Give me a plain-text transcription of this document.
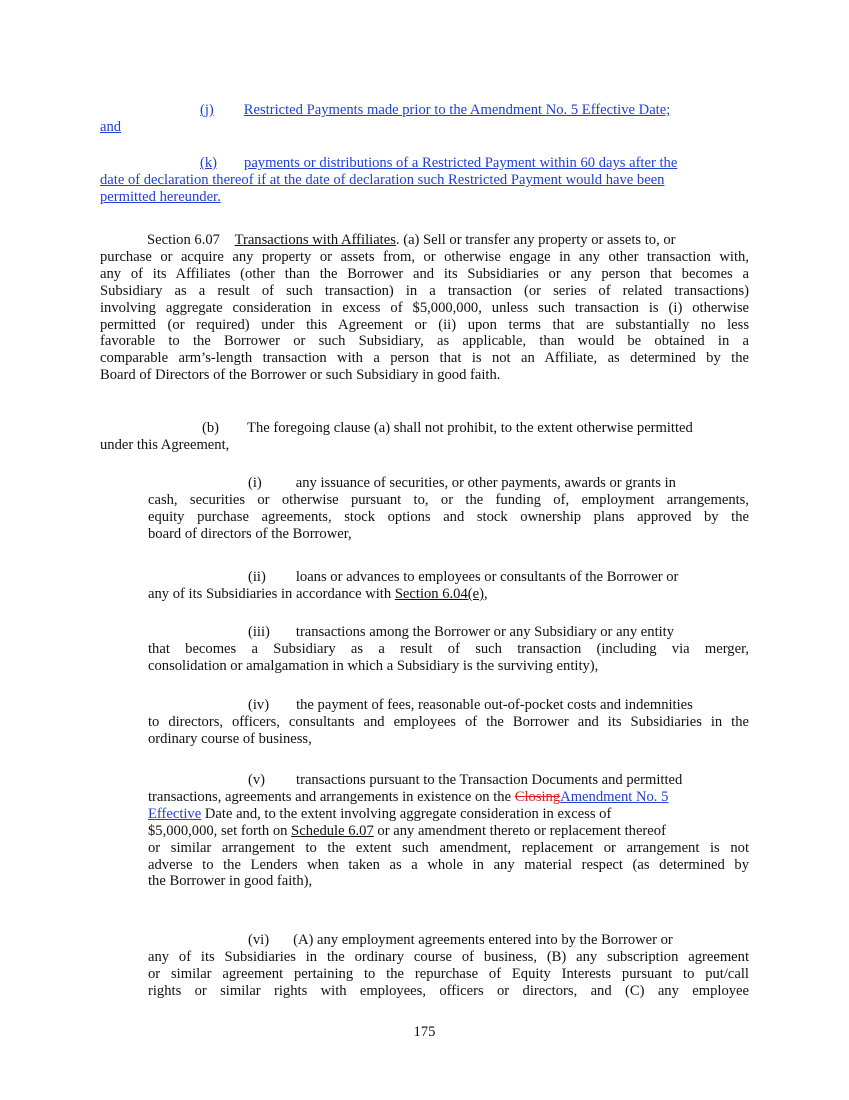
(j) Restricted Payments made prior to the Amendment No. 5 Effective Date;
and
(k) payments or distributions of a Restricted Payment within 60 days after the
date of declaration thereof if at the date of declaration such Restricted Payment would have been
permitted hereunder.
Section 6.07 Transactions with Affiliates. (a) Sell or transfer any property or assets to, or
purchase or acquire any property or assets from, or otherwise engage in any other transaction with,
any of its Affiliates (other than the Borrower and its Subsidiaries or any person that becomes a
Subsidiary as a result of such transaction) in a transaction (or series of related transactions)
involving aggregate consideration in excess of $5,000,000, unless such transaction is (i) otherwise
permitted (or required) under this Agreement or (ii) upon terms that are substantially no less
favorable to the Borrower or such Subsidiary, as applicable, than would be obtained in a
comparable arm’s-length transaction with a person that is not an Affiliate, as determined by the
Board of Directors of the Borrower or such Subsidiary in good faith.
(b) The foregoing clause (a) shall not prohibit, to the extent otherwise permitted
under this Agreement,
(i) any issuance of securities, or other payments, awards or grants in
cash, securities or otherwise pursuant to, or the funding of, employment arrangements,
equity purchase agreements, stock options and stock ownership plans approved by the
board of directors of the Borrower,
(ii) loans or advances to employees or consultants of the Borrower or
any of its Subsidiaries in accordance with Section 6.04(e),
(iii) transactions among the Borrower or any Subsidiary or any entity
that becomes a Subsidiary as a result of such transaction (including via merger,
consolidation or amalgamation in which a Subsidiary is the surviving entity),
(iv) the payment of fees, reasonable out-of-pocket costs and indemnities
to directors, officers, consultants and employees of the Borrower and its Subsidiaries in the
ordinary course of business,
(v) transactions pursuant to the Transaction Documents and permitted
transactions, agreements and arrangements in existence on the ClosingAmendment No. 5
Effective Date and, to the extent involving aggregate consideration in excess of
$5,000,000, set forth on Schedule 6.07 or any amendment thereto or replacement thereof
or similar arrangement to the extent such amendment, replacement or arrangement is not
adverse to the Lenders when taken as a whole in any material respect (as determined by
the Borrower in good faith),
(vi) (A) any employment agreements entered into by the Borrower or
any of its Subsidiaries in the ordinary course of business, (B) any subscription agreement
or similar agreement pertaining to the repurchase of Equity Interests pursuant to put/call
rights or similar rights with employees, officers or directors, and (C) any employee
175
